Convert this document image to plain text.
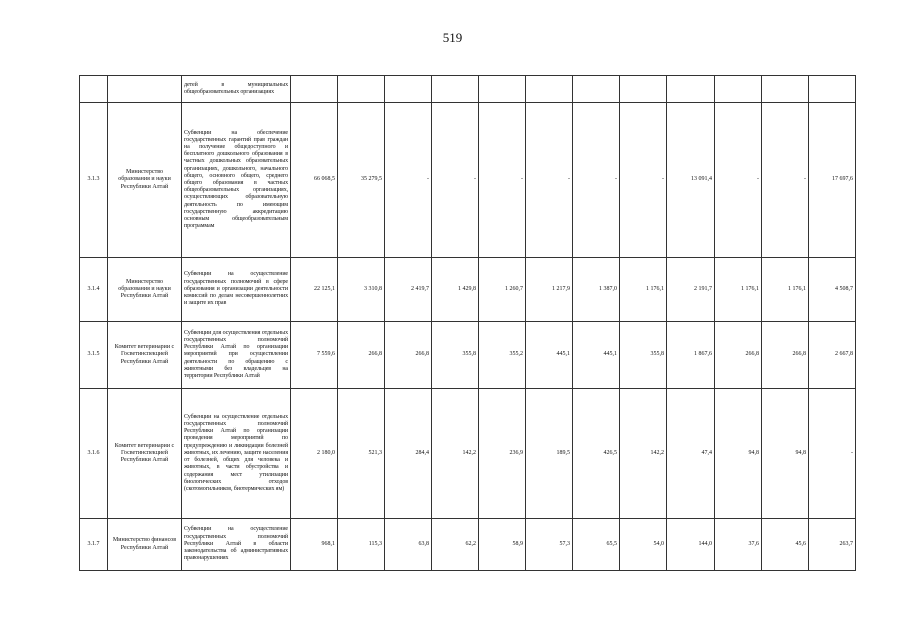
519
		детей в муниципальных общеобразовательных организациях												
3.1.3	Министерство образования и науки Республики Алтай	Субвенции на обеспечение государственных гарантий прав граждан на получение общедоступного и бесплатного дошкольного образования в частных дошкольных образовательных организациях, дошкольного, начального общего, основного общего, среднего общего образования в частных общеобразовательных организациях, осуществляющих образовательную деятельность по имеющим государственную аккредитацию основным общеобразовательным программам	66 068,5	35 279,5	-	-	-	-	-	-	13 091,4	-	-	17 697,6
3.1.4	Министерство образования и науки Республики Алтай	Субвенции на осуществление государственных полномочий в сфере образования и организации деятельности комиссий по делам несовершеннолетних и защите их прав	22 125,1	3 310,8	2 419,7	1 429,8	1 260,7	1 217,9	1 387,0	1 176,1	2 191,7	1 176,1	1 176,1	4 508,7
3.1.5	Комитет ветеринарии с Госветинспекцией Республики Алтай	Субвенции для осуществления отдельных государственных полномочий Республики Алтай по организации мероприятий при осуществлении деятельности по обращению с животными без владельцев на территории Республики Алтай	7 559,6	266,8	266,8	355,8	355,2	445,1	445,1	355,8	1 867,6	266,8	266,8	2 667,8
3.1.6	Комитет ветеринарии с Госветинспекцией Республики Алтай	Субвенции на осуществление отдельных государственных полномочий Республики Алтай по организации проведения мероприятий по предупреждению и ликвидации болезней животных, их лечению, защите населения от болезней, общих для человека и животных, в части обустройства и содержания мест утилизации биологических отходов (скотомогильников, биотермических ям)	2 180,0	521,3	284,4	142,2	236,9	189,5	426,5	142,2	47,4	94,8	94,8	-
3.1.7	Министерство финансов Республики Алтай	Субвенции на осуществление государственных полномочий Республики Алтай в области законодательства об административных правонарушениях	968,1	115,3	63,8	62,2	58,9	57,3	65,5	54,0	144,0	37,6	45,6	263,7
